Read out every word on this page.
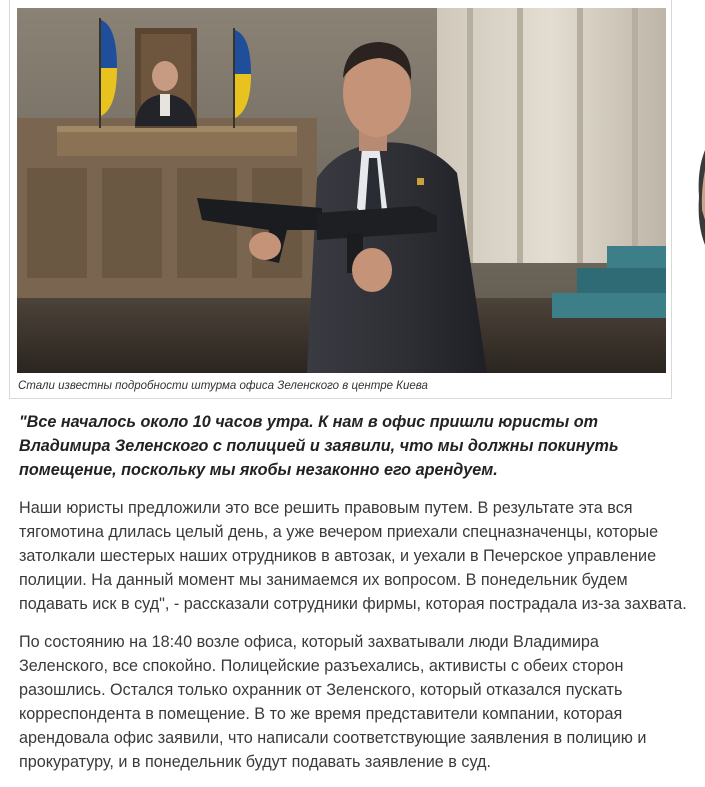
Стали известны подробности штурма офиса Зеленского в центре Киева

"Все началось около 10 часов утра. К нам в офис пришли юристы от Владимира Зеленского с полицией и заявили, что мы должны покинуть помещение, поскольку мы якобы незаконно его арендуем.

Наши юристы предложили это все решить правовым путем. В результате эта вся тягомотина длилась целый день, а уже вечером приехали спецназначенцы, которые затолкали шестерых наших отрудников в автозак, и уехали в Печерское управление полиции. На данный момент мы занимаемся их вопросом. В понедельник будем подавать иск в суд", - рассказали сотрудники фирмы, которая пострадала из-за захвата.

По состоянию на 18:40 возле офиса, который захватывали люди Владимира Зеленского, все спокойно. Полицейские разъехались, активисты с обеих сторон разошлись. Остался только охранник от Зеленского, который отказался пускать корреспондента в помещение. В то же время представители компании, которая арендовала офис заявили, что написали соответствующие заявления в полицию и прокуратуру, и в понедельник будут подавать заявление в суд.
